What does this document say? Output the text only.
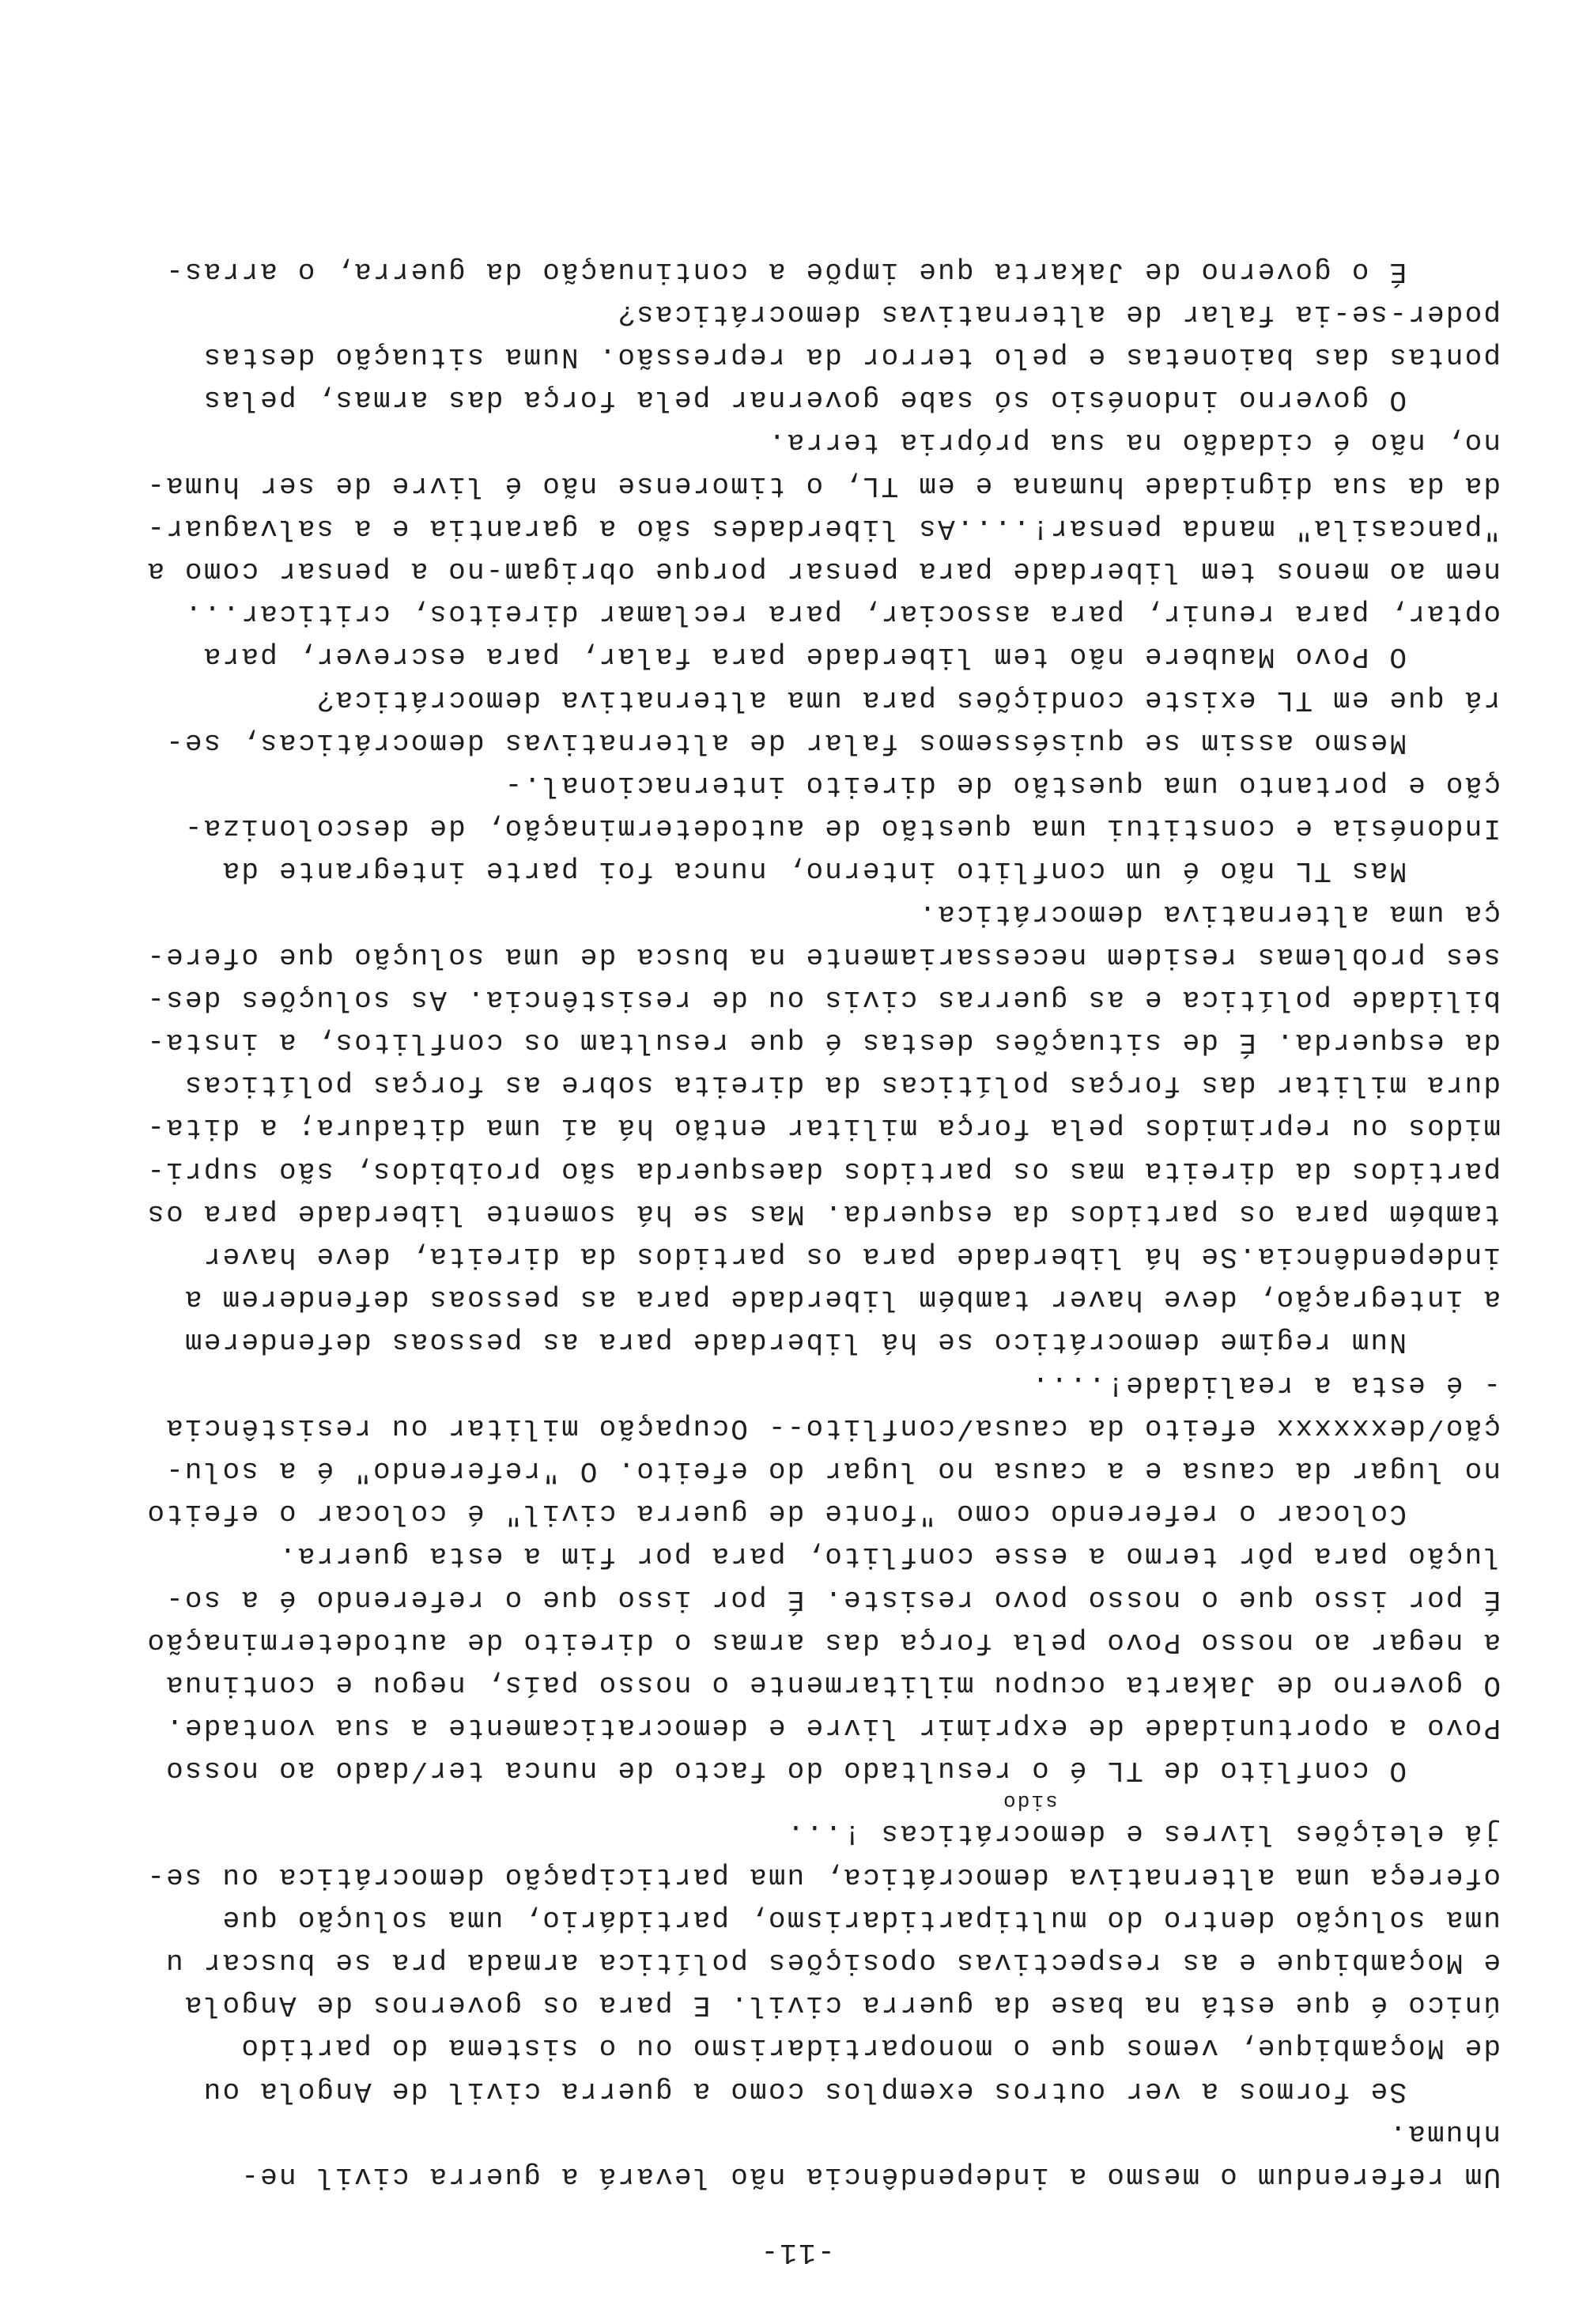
-11-

Um referendum o mesmo a independência não levará a guerra civil ne-
nhuma.
Se formos a ver outros exemplos como a guerra civil de Angola ou
de Moçambique, vemos que o monopartidarismo ou o sistema do partido
único é que está na base da guerra civil. E para os governos de Angola
e Moçambique e as respectivas oposições política armada pra se buscar u
uma solução dentro do multipartidarismo, partidário, uma solução que
ofereça uma alternativa democrática, uma participação democrática ou se-
já eleições livres e democráticas !...
sido
O conflito de TL é o resultado do facto de nunca ter/dado ao nosso
Povo a oportunidade de exprimir livre e democraticamente a sua vontade.
O governo de Jakarta ocupou militarmente o nosso país, negou e continua
a negar ao nosso Povo pela força das armas o direito de autodeterminação
É por isso que o nosso povo resiste. É por isso que o referendo é a so-
lução para pôr termo a esse conflito, para por fim a esta guerra.
Colocar o referendo como "fonte de guerra civil" é colocar o efeito
no lugar da causa e a causa no lugar do efeito. O "referendo" é a solu-
ção/dexxxxxx efeito da causa/conflito-- Ocupação militar ou resistência
- é esta a realidade!....
Num regime democrático se há liberdade para as pessoas defenderem
a integração, deve haver também liberdade para as pessoas defenderem a
independência.Se há liberdade para os partidos da direita, deve haver
também para os partidos da esquerda. Mas se há somente liberdade para os
partidos da direita mas os partidos daesquerda são proibidos, são supri-
midos ou reprimidos pela força militar então há aí uma ditadura; a dita-
dura militar das forças políticas da direita sobre as forças políticas
da esquerda. É de situações destas é que resultam os conflitos, a insta-
bilidade política e as guerras civis ou de resistência. As soluções des-
ses problemas residem necessariamente na busca de uma solução que ofere-
ça uma alternativa democrática.
Mas TL não é um conflito interno, nunca foi parte integrante da
Indonésia e constitui uma questão de autodeterminação, de descoloniza-
ção e portanto uma questão de direito internacional.-
Mesmo assim se quiséssemos falar de alternativas democráticas, se-
rá que em TL existe condições para uma alternativa democrática?
O Povo Maubere não tem liberdade para falar, para escrever, para
optar, para reunir, para associar, para reclamar direitos, criticar...
nem ao menos tem liberdade para pensar porque obrigam-no a pensar como a
"pancasila" manda pensar!....As liberdades são a garantia e a salvaguar-
da da sua dignidade humana e em TL, o timorense não é livre de ser huma-
no, não é cidadão na sua própria terra.
O governo indonésio só sabe governar pela força das armas, pelas
pontas das baionetas e pelo terror da repressão. Numa situação destas
poder-se-ia falar de alternativas democráticas?
É o governo de Jakarta que impõe a continuação da guerra, o arras-
